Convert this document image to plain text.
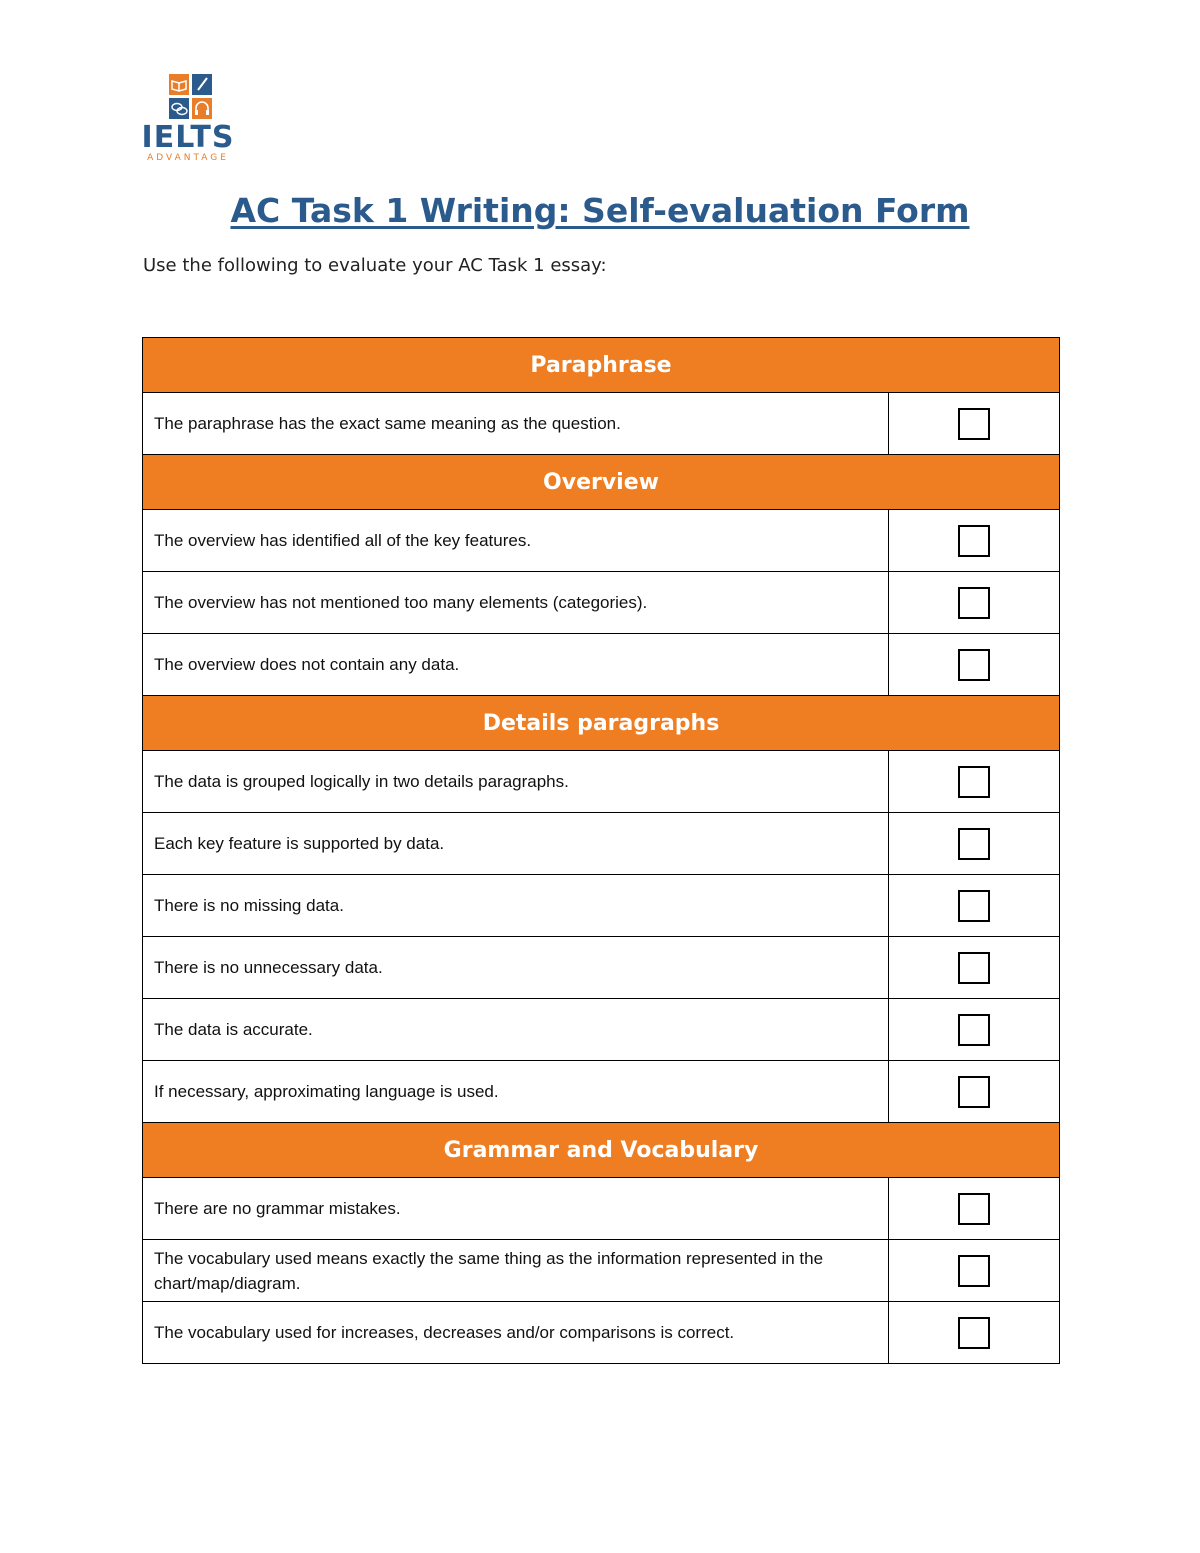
IELTS
ADVANTAGE
AC Task 1 Writing: Self-evaluation Form
Use the following to evaluate your AC Task 1 essay:
Paraphrase	
The paraphrase has the exact same meaning as the question.	
Overview	
The overview has identified all of the key features.	
The overview has not mentioned too many elements (categories).	
The overview does not contain any data.	
Details paragraphs	
The data is grouped logically in two details paragraphs.	
Each key feature is supported by data.	
There is no missing data.	
There is no unnecessary data.	
The data is accurate.	
If necessary, approximating language is used.	
Grammar and Vocabulary	
There are no grammar mistakes.	
The vocabulary used means exactly the same thing as the information represented in the chart/map/diagram.	
The vocabulary used for increases, decreases and/or comparisons is correct.	
